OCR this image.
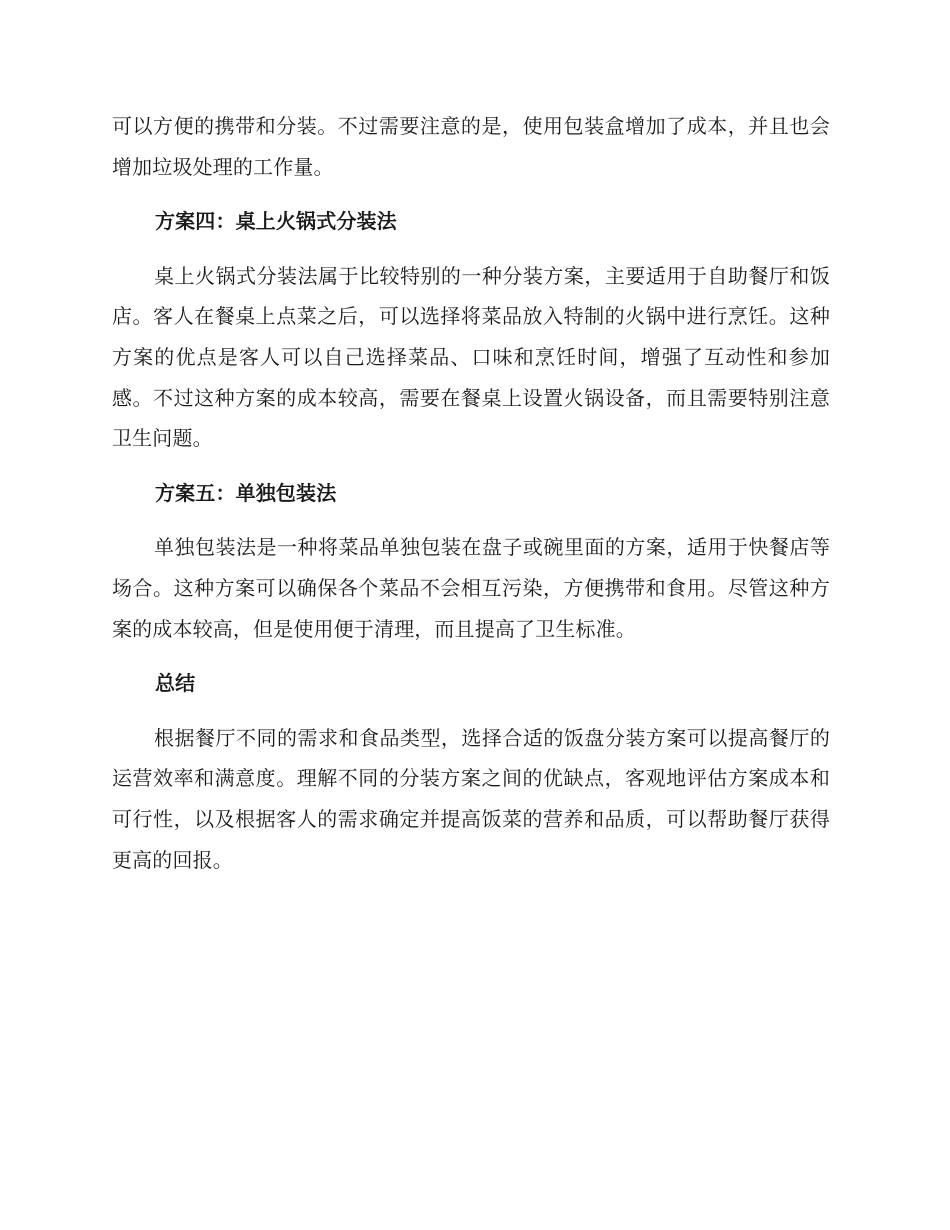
可以方便的携带和分装。不过需要注意的是，使用包装盒增加了成本，并且也会增加垃圾处理的工作量。

方案四：桌上火锅式分装法

桌上火锅式分装法属于比较特别的一种分装方案，主要适用于自助餐厅和饭店。客人在餐桌上点菜之后，可以选择将菜品放入特制的火锅中进行烹饪。这种方案的优点是客人可以自己选择菜品、口味和烹饪时间，增强了互动性和参加感。不过这种方案的成本较高，需要在餐桌上设置火锅设备，而且需要特别注意卫生问题。

方案五：单独包装法

单独包装法是一种将菜品单独包装在盘子或碗里面的方案，适用于快餐店等场合。这种方案可以确保各个菜品不会相互污染，方便携带和食用。尽管这种方案的成本较高，但是使用便于清理，而且提高了卫生标准。

总结

根据餐厅不同的需求和食品类型，选择合适的饭盘分装方案可以提高餐厅的运营效率和满意度。理解不同的分装方案之间的优缺点，客观地评估方案成本和可行性，以及根据客人的需求确定并提高饭菜的营养和品质，可以帮助餐厅获得更高的回报。
